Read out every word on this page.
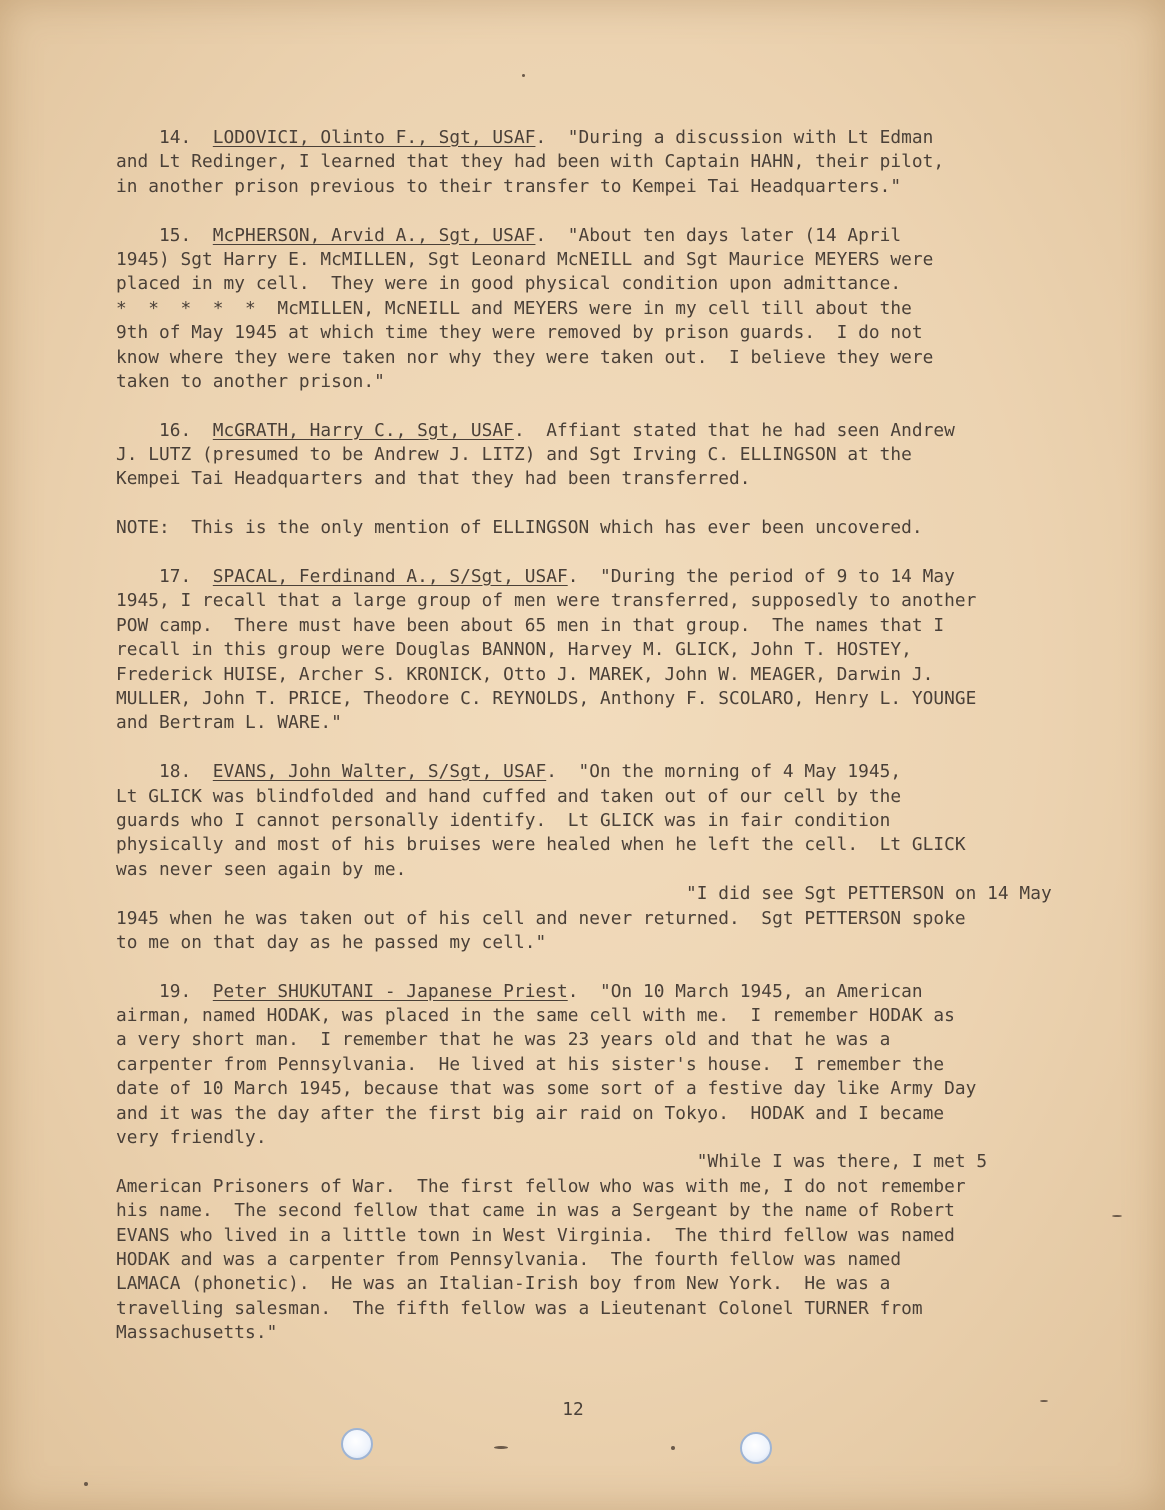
14.  LODOVICI, Olinto F., Sgt, USAF.  "During a discussion with Lt Edman
and Lt Redinger, I learned that they had been with Captain HAHN, their pilot,
in another prison previous to their transfer to Kempei Tai Headquarters."
15.  McPHERSON, Arvid A., Sgt, USAF.  "About ten days later (14 April
1945) Sgt Harry E. McMILLEN, Sgt Leonard McNEILL and Sgt Maurice MEYERS were
placed in my cell.  They were in good physical condition upon admittance.
*  *  *  *  *  McMILLEN, McNEILL and MEYERS were in my cell till about the
9th of May 1945 at which time they were removed by prison guards.  I do not
know where they were taken nor why they were taken out.  I believe they were
taken to another prison."
16.  McGRATH, Harry C., Sgt, USAF.  Affiant stated that he had seen Andrew
J. LUTZ (presumed to be Andrew J. LITZ) and Sgt Irving C. ELLINGSON at the
Kempei Tai Headquarters and that they had been transferred.
NOTE:  This is the only mention of ELLINGSON which has ever been uncovered.
17.  SPACAL, Ferdinand A., S/Sgt, USAF.  "During the period of 9 to 14 May
1945, I recall that a large group of men were transferred, supposedly to another
POW camp.  There must have been about 65 men in that group.  The names that I
recall in this group were Douglas BANNON, Harvey M. GLICK, John T. HOSTEY,
Frederick HUISE, Archer S. KRONICK, Otto J. MAREK, John W. MEAGER, Darwin J.
MULLER, John T. PRICE, Theodore C. REYNOLDS, Anthony F. SCOLARO, Henry L. YOUNGE
and Bertram L. WARE."
18.  EVANS, John Walter, S/Sgt, USAF.  "On the morning of 4 May 1945,
Lt GLICK was blindfolded and hand cuffed and taken out of our cell by the
guards who I cannot personally identify.  Lt GLICK was in fair condition
physically and most of his bruises were healed when he left the cell.  Lt GLICK
was never seen again by me.
"I did see Sgt PETTERSON on 14 May
1945 when he was taken out of his cell and never returned.  Sgt PETTERSON spoke
to me on that day as he passed my cell."
19.  Peter SHUKUTANI - Japanese Priest.  "On 10 March 1945, an American
airman, named HODAK, was placed in the same cell with me.  I remember HODAK as
a very short man.  I remember that he was 23 years old and that he was a
carpenter from Pennsylvania.  He lived at his sister's house.  I remember the
date of 10 March 1945, because that was some sort of a festive day like Army Day
and it was the day after the first big air raid on Tokyo.  HODAK and I became
very friendly.
"While I was there, I met 5
American Prisoners of War.  The first fellow who was with me, I do not remember
his name.  The second fellow that came in was a Sergeant by the name of Robert
EVANS who lived in a little town in West Virginia.  The third fellow was named
HODAK and was a carpenter from Pennsylvania.  The fourth fellow was named
LAMACA (phonetic).  He was an Italian-Irish boy from New York.  He was a
travelling salesman.  The fifth fellow was a Lieutenant Colonel TURNER from
Massachusetts."
12
